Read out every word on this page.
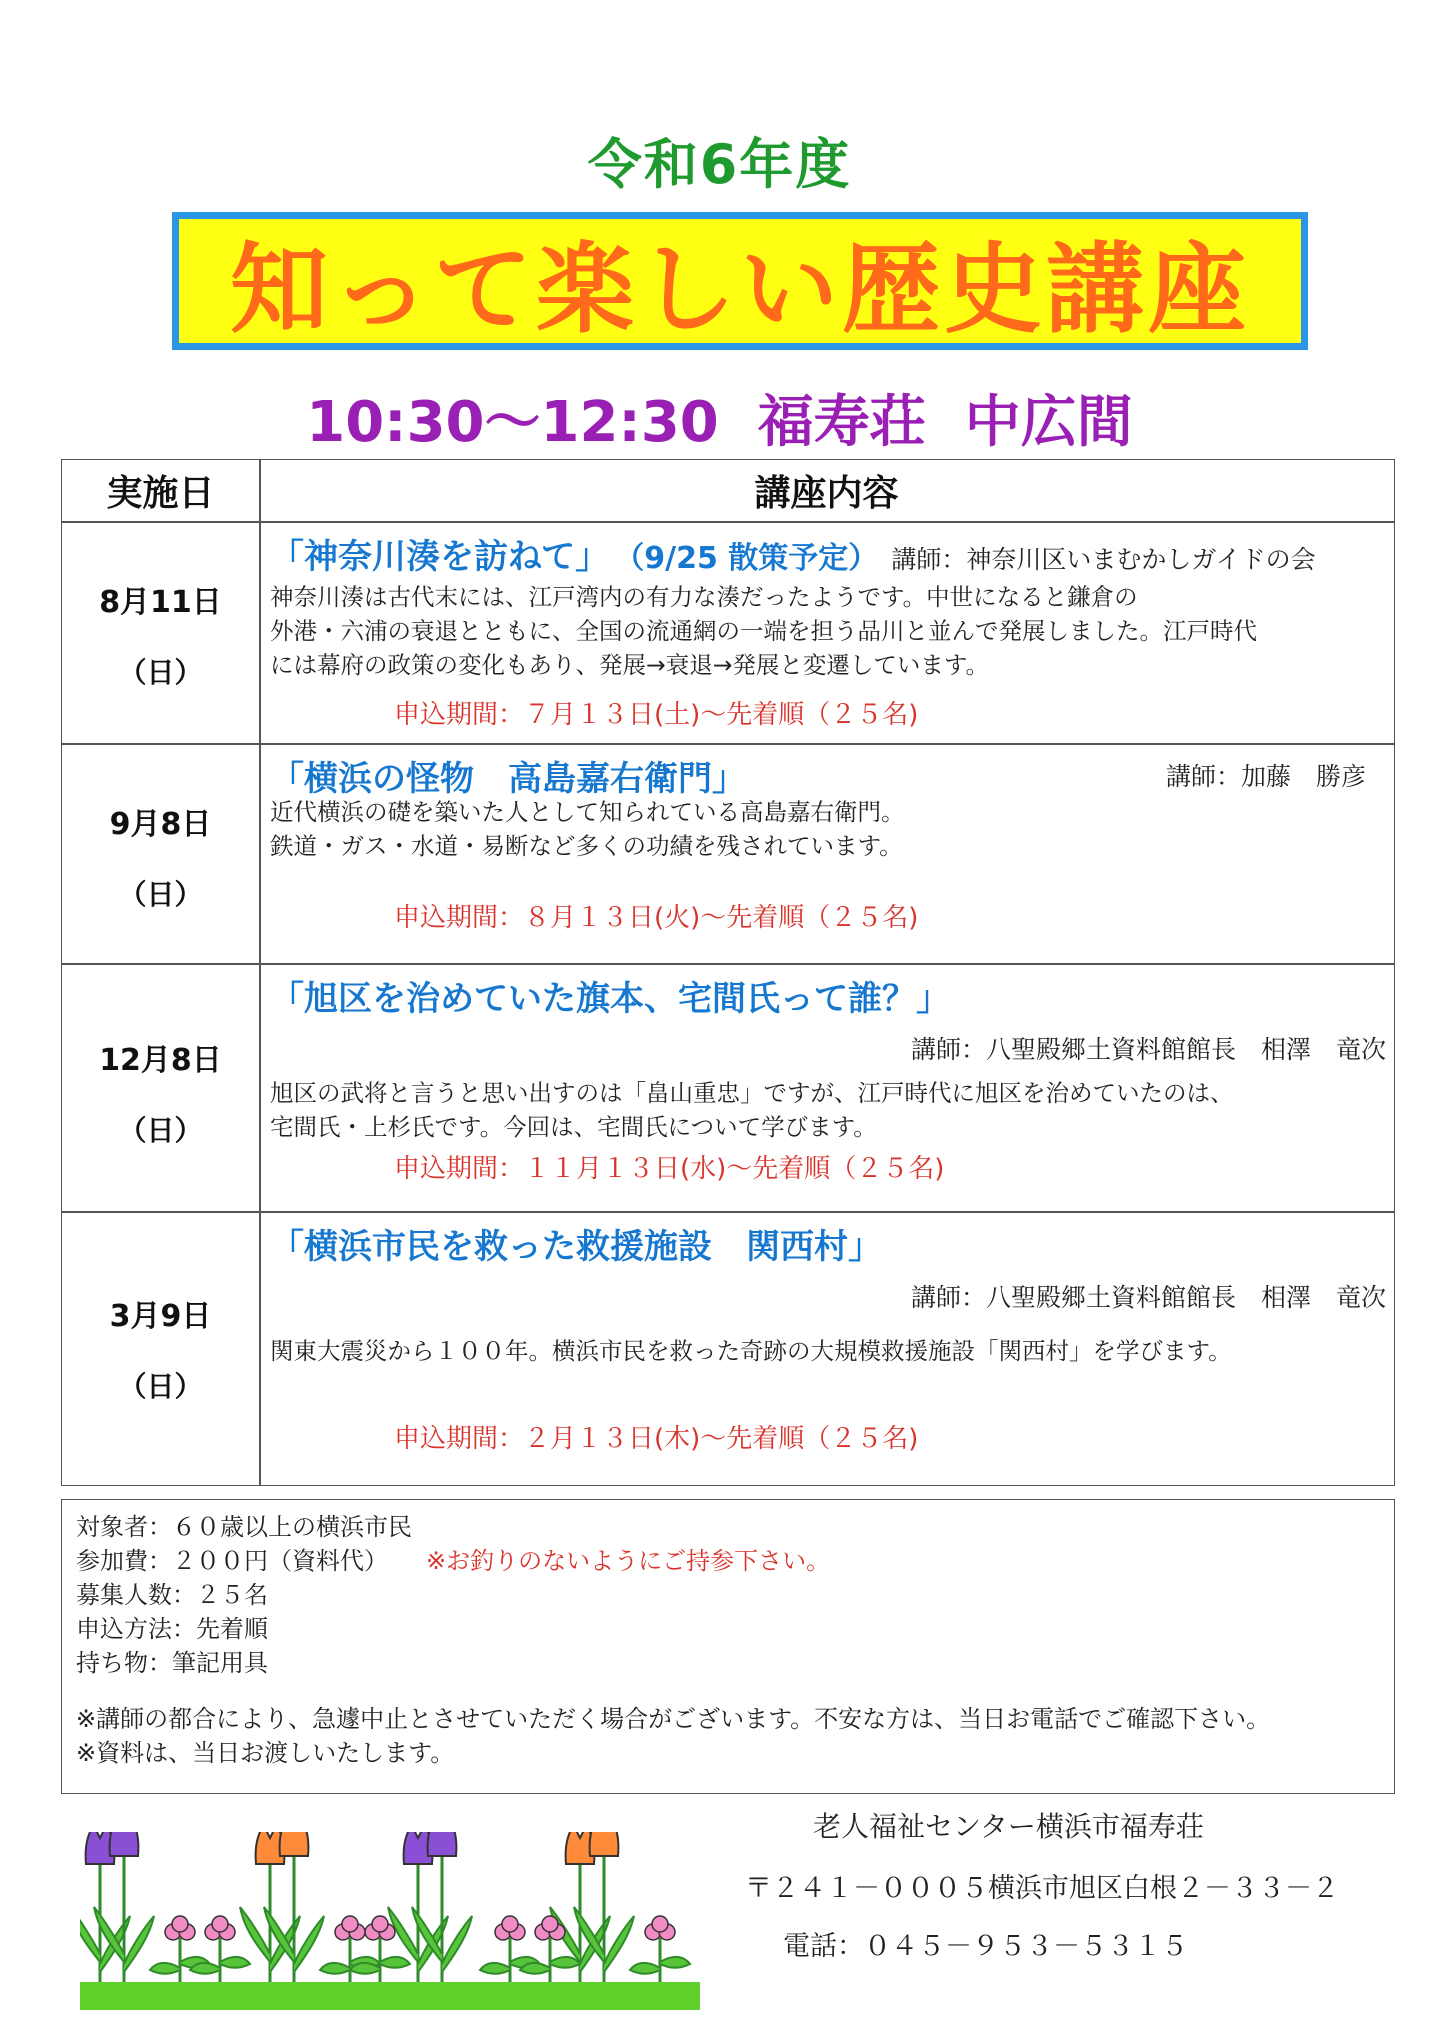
令和6年度
知って楽しい歴史講座
10:30～12:30  福寿荘  中広間
実施日	講座内容
8月11日
（日）
「神奈川湊を訪ねて」 （9/25 散策予定） 講師：神奈川区いまむかしガイドの会
神奈川湊は古代末には、江戸湾内の有力な湊だったようです。中世になると鎌倉の
外港・六浦の衰退とともに、全国の流通網の一端を担う品川と並んで発展しました。江戸時代
には幕府の政策の変化もあり、発展→衰退→発展と変遷しています。
申込期間：７月１３日(土)～先着順（２５名)
9月8日
（日）
「横浜の怪物　高島嘉右衛門」	講師：加藤　勝彦
近代横浜の礎を築いた人として知られている高島嘉右衛門。
鉄道・ガス・水道・易断など多くの功績を残されています。
申込期間：８月１３日(火)～先着順（２５名)
12月8日
（日）
「旭区を治めていた旗本、宅間氏って誰？」
講師：八聖殿郷土資料館館長　相澤　竜次
旭区の武将と言うと思い出すのは「畠山重忠」ですが、江戸時代に旭区を治めていたのは、
宅間氏・上杉氏です。今回は、宅間氏について学びます。
申込期間：１１月１３日(水)～先着順（２５名)
3月9日
（日）
「横浜市民を救った救援施設　関西村」
講師：八聖殿郷土資料館館長　相澤　竜次
関東大震災から１００年。横浜市民を救った奇跡の大規模救援施設「関西村」を学びます。
申込期間：２月１３日(木)～先着順（２５名)
対象者：６０歳以上の横浜市民
参加費：２００円（資料代） ※お釣りのないようにご持参下さい。
募集人数：２５名
申込方法：先着順
持ち物：筆記用具
※講師の都合により、急遽中止とさせていただく場合がございます。不安な方は、当日お電話でご確認下さい。
※資料は、当日お渡しいたします。
老人福祉センター横浜市福寿荘
〒２４１－０００５横浜市旭区白根２－３３－２
電話：０４５－９５３－５３１５
